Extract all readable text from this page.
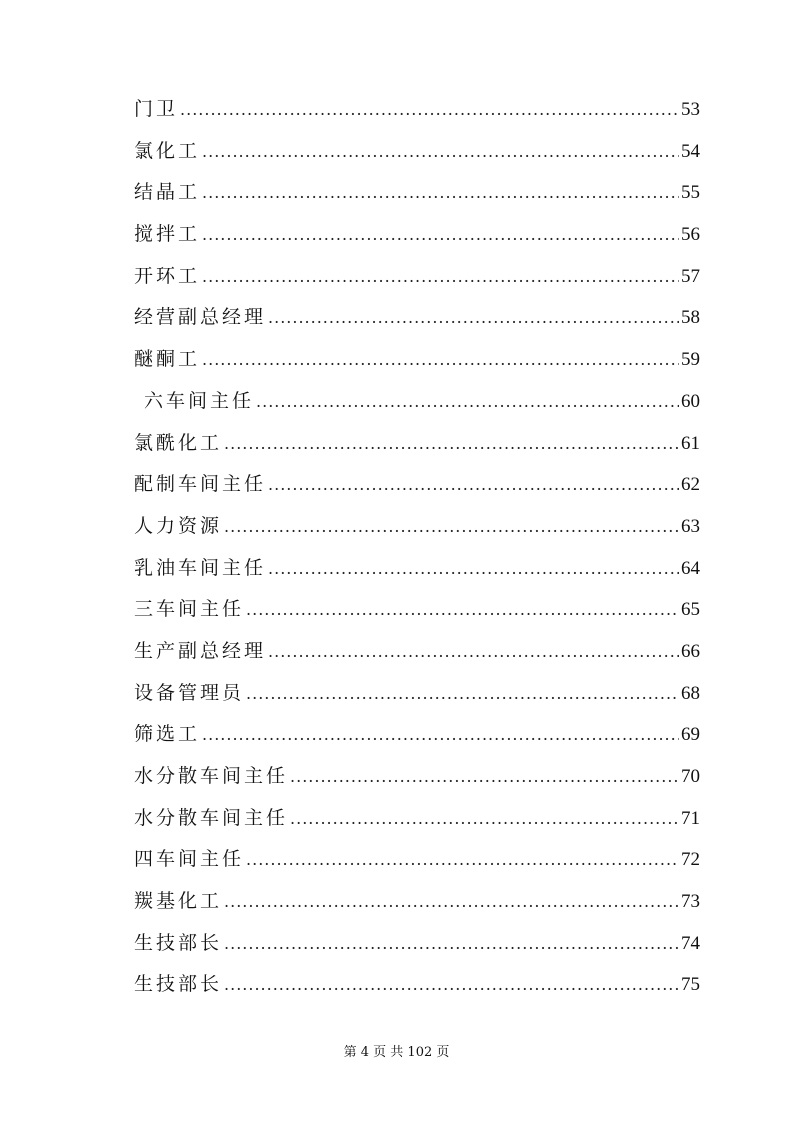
门卫 .....	53
氯化工 .....	54
结晶工 .....	55
搅拌工 .....	56
开环工 .....	57
经营副总经理 .....	58
醚酮工 .....	59
六车间主任 .....	60
氯酰化工 .....	61
配制车间主任 .....	62
人力资源 .....	63
乳油车间主任 .....	64
三车间主任 .....	65
生产副总经理 .....	66
设备管理员 .....	68
筛选工 .....	69
水分散车间主任 .....	70
水分散车间主任 .....	71
四车间主任 .....	72
羰基化工 .....	73
生技部长 .....	74
生技部长 .....	75
第 4 页 共 102 页
